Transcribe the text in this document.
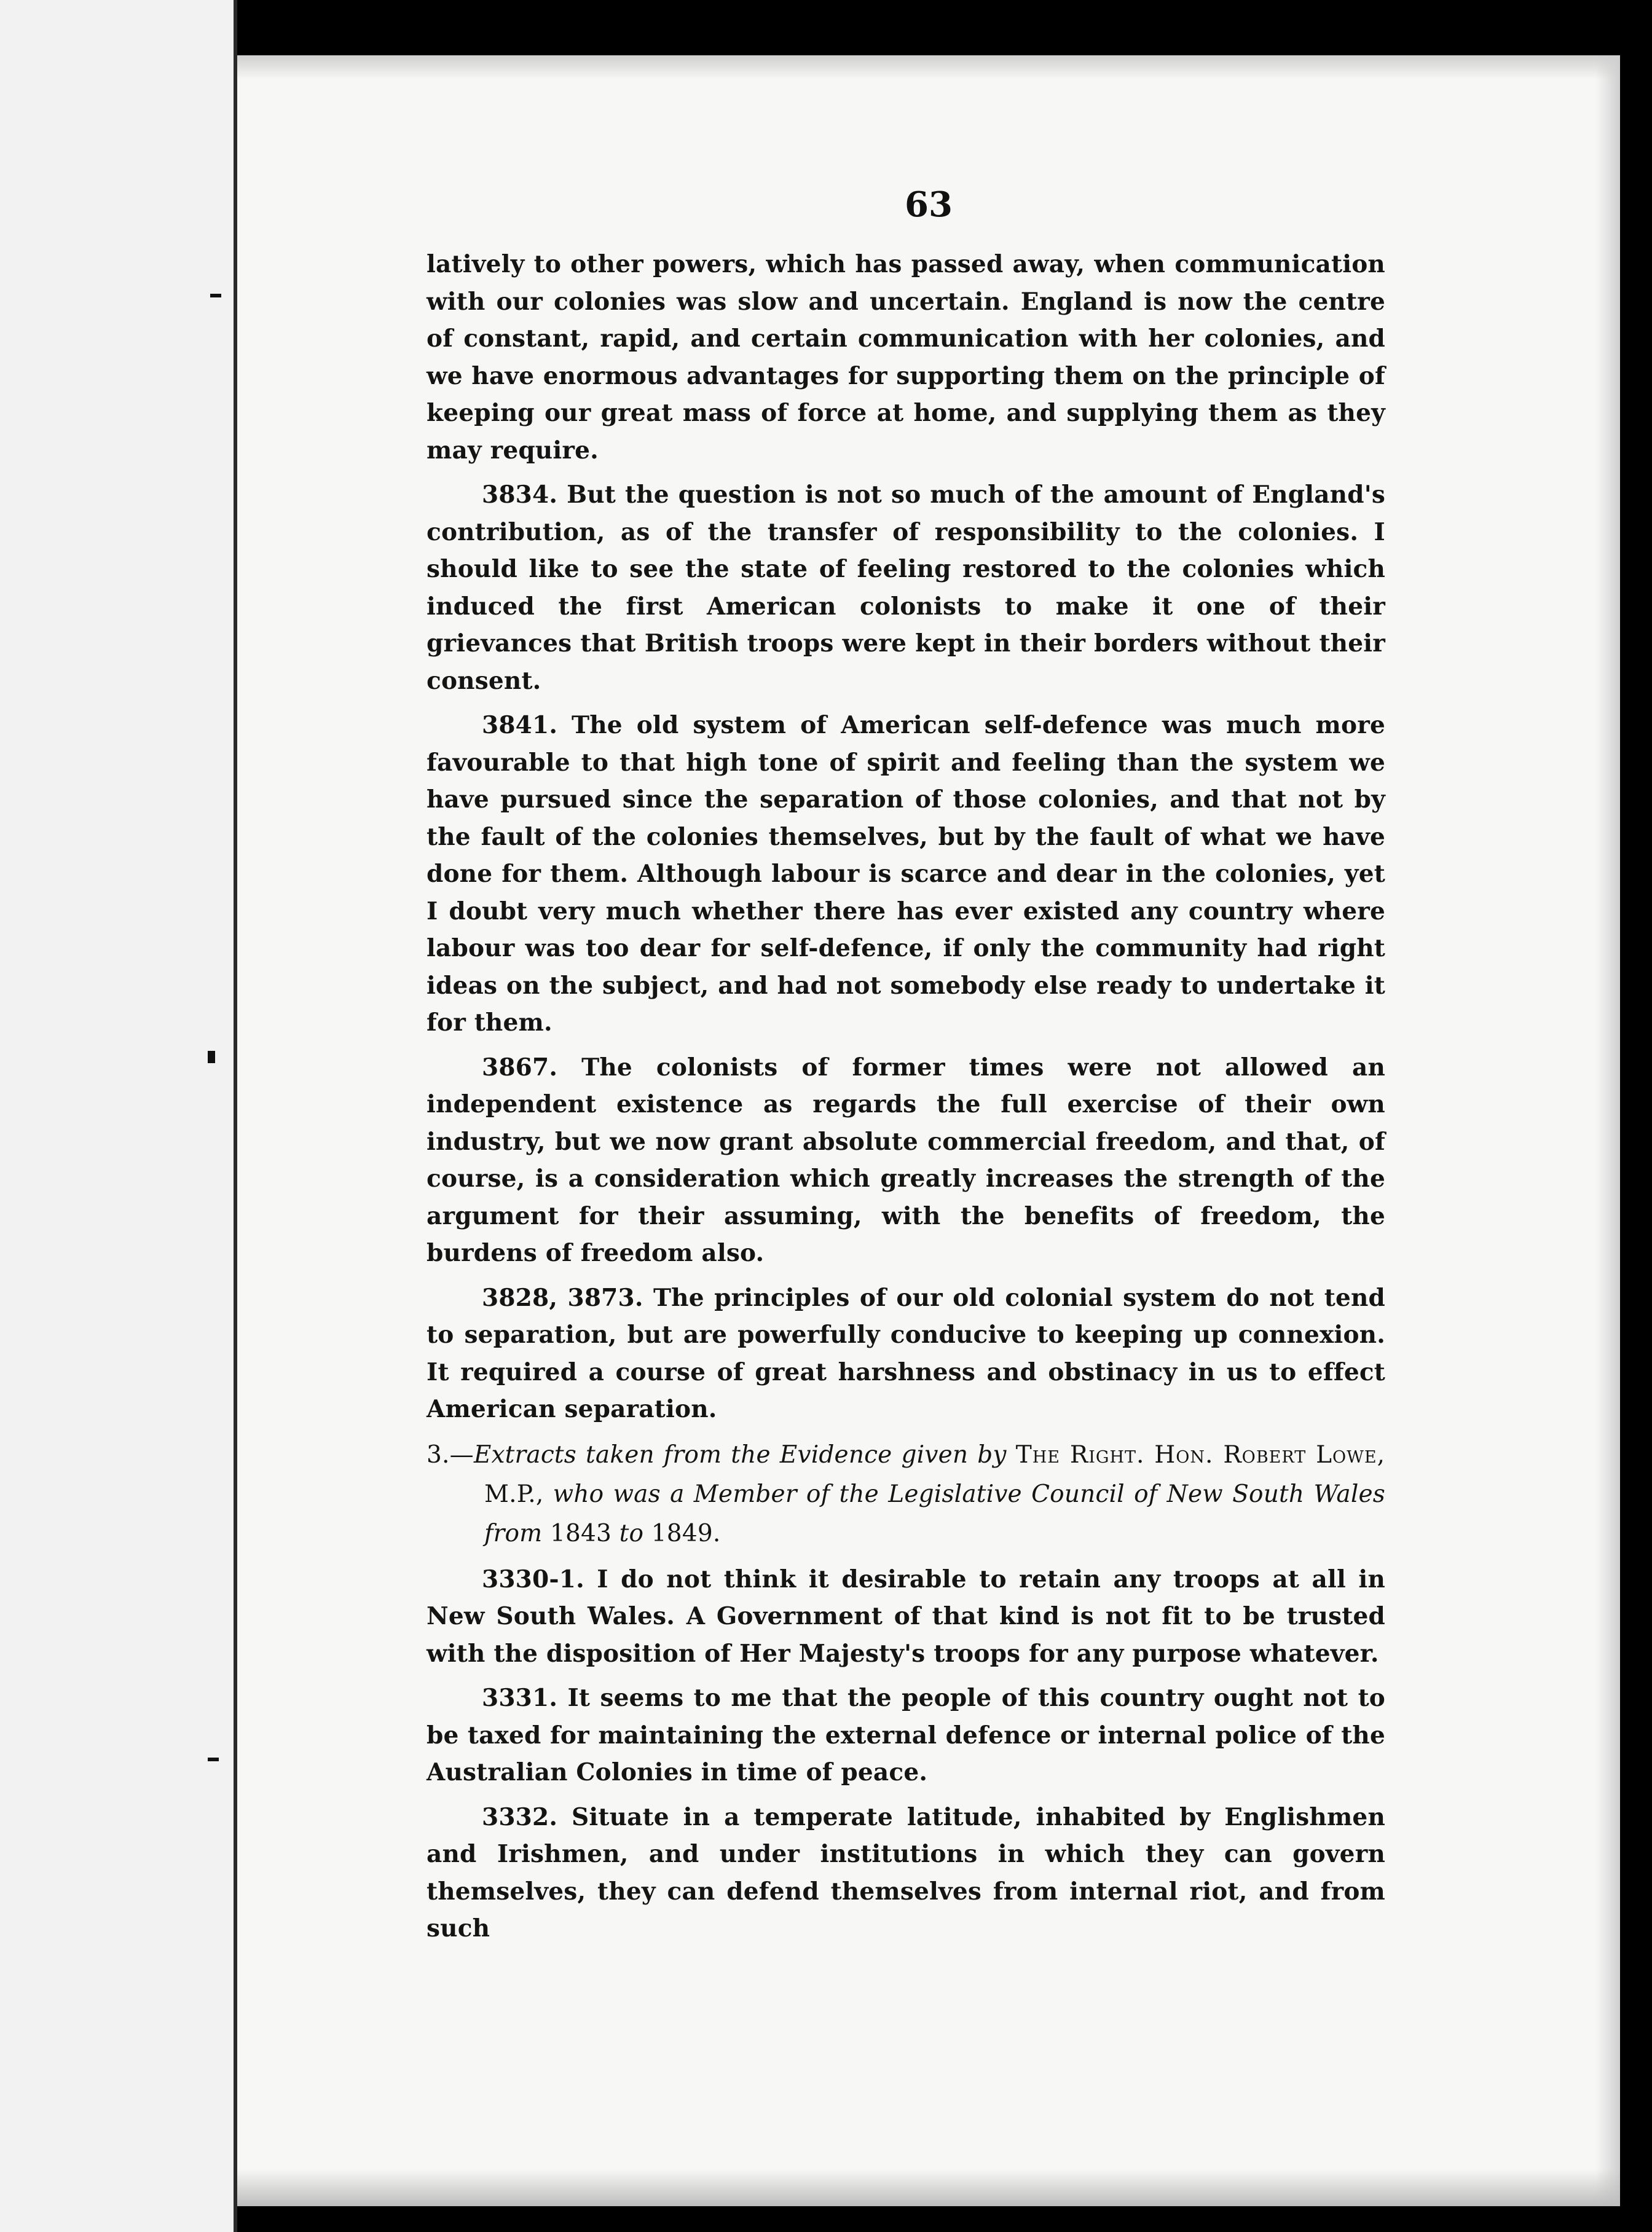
63

latively to other powers, which has passed away, when communication with our colonies was slow and uncertain. England is now the centre of constant, rapid, and certain communication with her colonies, and we have enormous advantages for supporting them on the principle of keeping our great mass of force at home, and supplying them as they may require.

3834. But the question is not so much of the amount of England's contribution, as of the transfer of responsibility to the colonies. I should like to see the state of feeling restored to the colonies which induced the first American colonists to make it one of their grievances that British troops were kept in their borders without their consent.

3841. The old system of American self-defence was much more favourable to that high tone of spirit and feeling than the system we have pursued since the separation of those colonies, and that not by the fault of the colonies themselves, but by the fault of what we have done for them. Although labour is scarce and dear in the colonies, yet I doubt very much whether there has ever existed any country where labour was too dear for self-defence, if only the community had right ideas on the subject, and had not somebody else ready to undertake it for them.

3867. The colonists of former times were not allowed an independent existence as regards the full exercise of their own industry, but we now grant absolute commercial freedom, and that, of course, is a consideration which greatly increases the strength of the argument for their assuming, with the benefits of freedom, the burdens of freedom also.

3828, 3873. The principles of our old colonial system do not tend to separation, but are powerfully conducive to keeping up connexion. It required a course of great harshness and obstinacy in us to effect American separation.

3.—Extracts taken from the Evidence given by The Right. Hon. Robert Lowe, M.P., who was a Member of the Legislative Council of New South Wales from 1843 to 1849.

3330-1. I do not think it desirable to retain any troops at all in New South Wales. A Government of that kind is not fit to be trusted with the disposition of Her Majesty's troops for any purpose whatever.

3331. It seems to me that the people of this country ought not to be taxed for maintaining the external defence or internal police of the Australian Colonies in time of peace.

3332. Situate in a temperate latitude, inhabited by Englishmen and Irishmen, and under institutions in which they can govern themselves, they can defend themselves from internal riot, and from such
